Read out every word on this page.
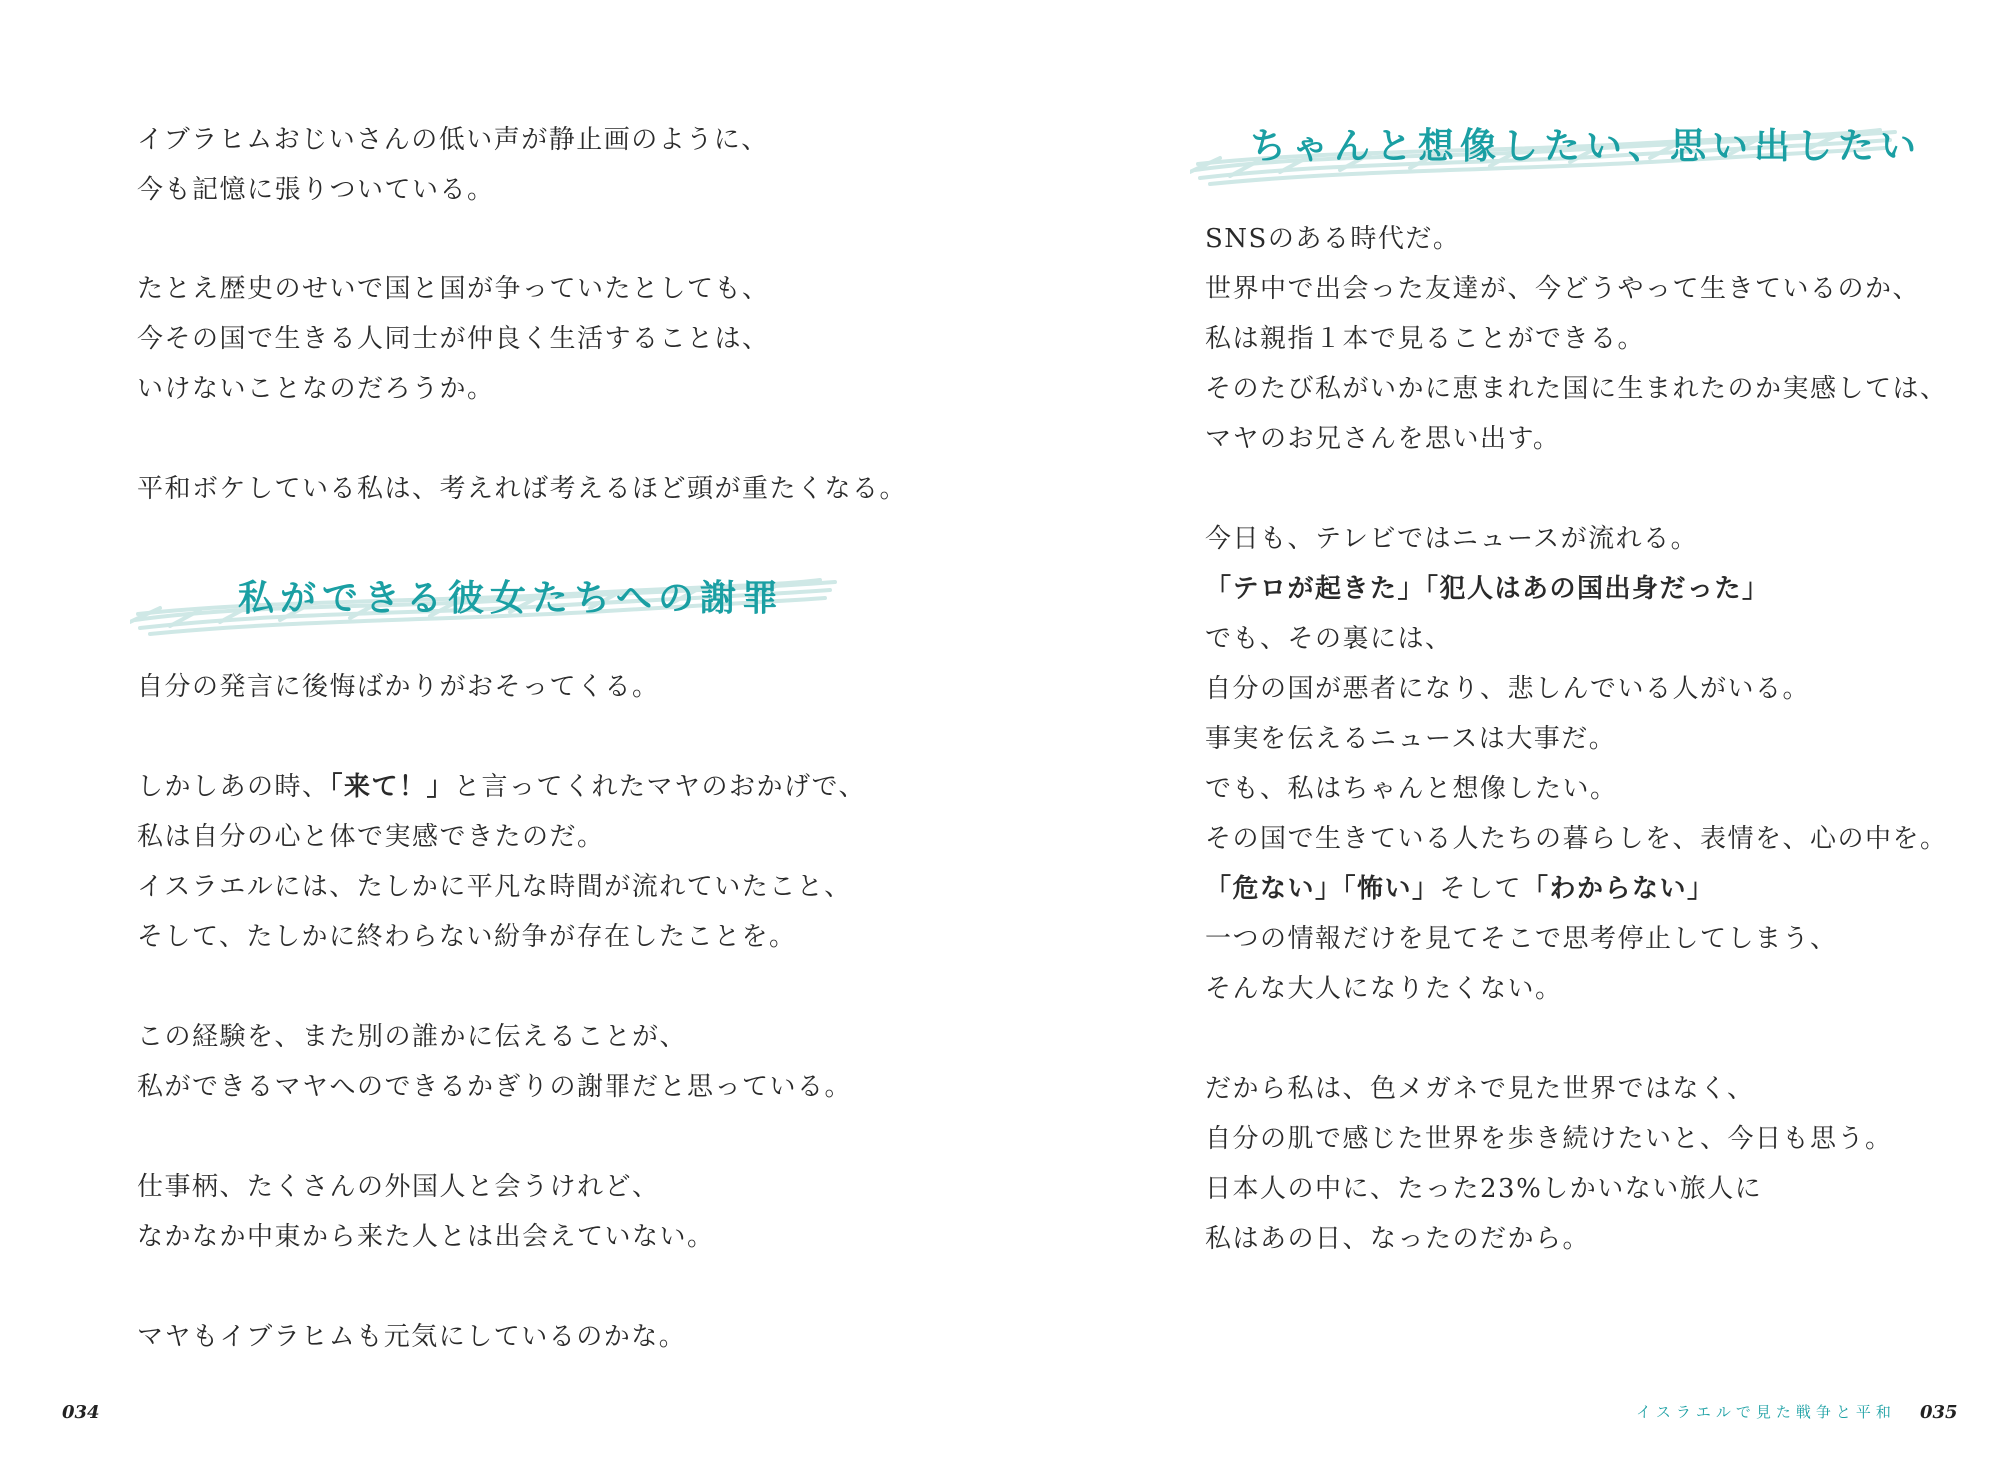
イブラヒムおじいさんの低い声が静止画のように、
今も記憶に張りついている。
たとえ歴史のせいで国と国が争っていたとしても、
今その国で生きる人同士が仲良く生活することは、
いけないことなのだろうか。
平和ボケしている私は、考えれば考えるほど頭が重たくなる。
私ができる彼女たちへの謝罪
自分の発言に後悔ばかりがおそってくる。
しかしあの時、「来て！」と言ってくれたマヤのおかげで、
私は自分の心と体で実感できたのだ。
イスラエルには、たしかに平凡な時間が流れていたこと、
そして、たしかに終わらない紛争が存在したことを。
この経験を、また別の誰かに伝えることが、
私ができるマヤへのできるかぎりの謝罪だと思っている。
仕事柄、たくさんの外国人と会うけれど、
なかなか中東から来た人とは出会えていない。
マヤもイブラヒムも元気にしているのかな。
034
ちゃんと想像したい、思い出したい
SNSのある時代だ。
世界中で出会った友達が、今どうやって生きているのか、
私は親指１本で見ることができる。
そのたび私がいかに恵まれた国に生まれたのか実感しては、
マヤのお兄さんを思い出す。
今日も、テレビではニュースが流れる。
「テロが起きた」「犯人はあの国出身だった」
でも、その裏には、
自分の国が悪者になり、悲しんでいる人がいる。
事実を伝えるニュースは大事だ。
でも、私はちゃんと想像したい。
その国で生きている人たちの暮らしを、表情を、心の中を。
「危ない」「怖い」そして「わからない」
一つの情報だけを見てそこで思考停止してしまう、
そんな大人になりたくない。
だから私は、色メガネで見た世界ではなく、
自分の肌で感じた世界を歩き続けたいと、今日も思う。
日本人の中に、たった23%しかいない旅人に
私はあの日、なったのだから。
イスラエルで見た戦争と平和 035
